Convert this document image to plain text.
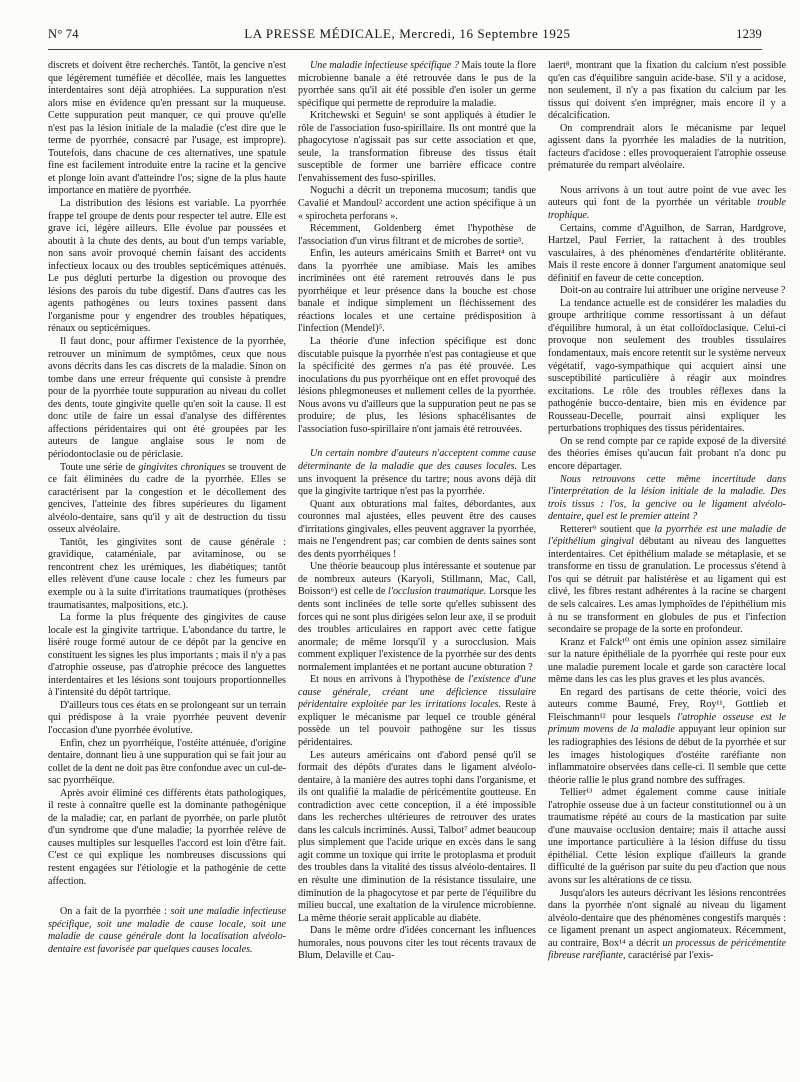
N° 74	LA PRESSE MÉDICALE, Mercredi, 16 Septembre 1925	1239

discrets et doivent être recherchés. Tantôt, la gencive n'est que légèrement tuméfiée et décollée, mais les languettes interdentaires sont déjà atrophiées. La suppuration n'est alors mise en évidence qu'en pressant sur la muqueuse. Cette suppuration peut manquer, ce qui prouve qu'elle n'est pas la lésion initiale de la maladie (c'est dire que le terme de pyorrhée, consacré par l'usage, est impropre). Toutefois, dans chacune de ces alternatives, une spatule fine est facilement introduite entre la racine et la gencive et plonge loin avant d'atteindre l'os; signe de la plus haute importance en matière de pyorrhée.

La distribution des lésions est variable. La pyorrhée frappe tel groupe de dents pour respecter tel autre. Elle est grave ici, légère ailleurs. Elle évolue par poussées et aboutit à la chute des dents, au bout d'un temps variable, non sans avoir provoqué chemin faisant des accidents infectieux locaux ou des troubles septicémiques atténués. Le pus dégluti perturbe la digestion ou provoque des lésions des parois du tube digestif. Dans d'autres cas les agents pathogènes ou leurs toxines passent dans l'organisme pour y engendrer des troubles hépatiques, rénaux ou septicémiques.

Il faut donc, pour affirmer l'existence de la pyorrhée, retrouver un minimum de symptômes, ceux que nous avons décrits dans les cas discrets de la maladie. Sinon on tombe dans une erreur fréquente qui consiste à prendre pour de la pyorrhée toute suppuration au niveau du collet des dents, toute gingivite quelle qu'en soit la cause. Il est donc utile de faire un essai d'analyse des différentes affections péridentaires qui ont été groupées par les auteurs de langue anglaise sous le nom de périodontoclasie ou de périclasie.

Toute une série de gingivites chroniques se trouvent de ce fait éliminées du cadre de la pyorrhée. Elles se caractérisent par la congestion et le décollement des gencives, l'atteinte des fibres supérieures du ligament alvéolo-dentaire, sans qu'il y ait de destruction du tissu osseux alvéolaire.

Tantôt, les gingivites sont de cause générale : gravidique, cataméniale, par avitaminose, ou se rencontrent chez les urémiques, les diabétiques; tantôt elles relèvent d'une cause locale : chez les fumeurs par exemple ou à la suite d'irritations traumatiques (prothèses traumatisantes, malpositions, etc.).

La forme la plus fréquente des gingivites de cause locale est la gingivite tartrique. L'abondance du tartre, le liséré rouge formé autour de ce dépôt par la gencive en constituent les signes les plus importants ; mais il n'y a pas d'atrophie osseuse, pas d'atrophie précoce des languettes interdentaires et les lésions sont toujours proportionnelles à l'intensité du dépôt tartrique.

D'ailleurs tous ces états en se prolongeant sur un terrain qui prédispose à la vraie pyorrhée peuvent devenir l'occasion d'une pyorrhée évolutive.

Enfin, chez un pyorrhéique, l'ostéite atténuée, d'origine dentaire, donnant lieu à une suppuration qui se fait jour au collet de la dent ne doit pas être confondue avec un cul-de-sac pyorrhéique.

Après avoir éliminé ces différents états pathologiques, il reste à connaître quelle est la dominante pathogénique de la maladie; car, en parlant de pyorrhée, on parle plutôt d'un syndrome que d'une maladie; la pyorrhée relève de causes multiples sur lesquelles l'accord est loin d'être fait. C'est ce qui explique les nombreuses discussions qui restent engagées sur l'étiologie et la pathogénie de cette affection.

On a fait de la pyorrhée : soit une maladie infectieuse spécifique, soit une maladie de cause locale, soit une maladie de cause générale dont la localisation alvéolo-dentaire est favorisée par quelques causes locales.

Une maladie infectieuse spécifique ? Mais toute la flore microbienne banale a été retrouvée dans le pus de la pyorrhée sans qu'il ait été possible d'en isoler un germe spécifique qui permette de reproduire la maladie.

Kritchewski et Seguin¹ se sont appliqués à étudier le rôle de l'association fuso-spirillaire. Ils ont montré que la phagocytose n'agissait pas sur cette association et que, seule, la transformation fibreuse des tissus était susceptible de former une barrière efficace contre l'envahissement des fuso-spirilles.

Noguchi a décrit un treponema mucosum; tandis que Cavalié et Mandoul² accordent une action spécifique à un « spirocheta perforans ».

Récemment, Goldenberg émet l'hypothèse de l'association d'un virus filtrant et de microbes de sortie³.

Enfin, les auteurs américains Smith et Barret⁴ ont vu dans la pyorrhée une amibiase. Mais les amibes incriminées ont été rarement retrouvés dans le pus pyorrhéique et leur présence dans la bouche est chose banale et indique simplement un fléchissement des réactions locales et une certaine prédisposition à l'infection (Mendel)⁵.

La théorie d'une infection spécifique est donc discutable puisque la pyorrhée n'est pas contagieuse et que la spécificité des germes n'a pas été prouvée. Les inoculations du pus pyorrhéique ont en effet provoqué des lésions phlegmoneuses et nullement celles de la pyorrhée. Nous avons vu d'ailleurs que la suppuration peut ne pas se produire; de plus, les lésions sphacélisantes de l'association fuso-spirillaire n'ont jamais été retrouvées.

Un certain nombre d'auteurs n'acceptent comme cause déterminante de la maladie que des causes locales. Les uns invoquent la présence du tartre; nous avons déjà dit que la gingivite tartrique n'est pas la pyorrhée.

Quant aux obturations mal faites, débordantes, aux couronnes mal ajustées, elles peuvent être des causes d'irritations gingivales, elles peuvent aggraver la pyorrhée, mais ne l'engendrent pas; car combien de dents saines sont des dents pyorrhéiques !

Une théorie beaucoup plus intéressante et soutenue par de nombreux auteurs (Karyoli, Stillmann, Mac, Call, Boisson⁶) est celle de l'occlusion traumatique. Lorsque les dents sont inclinées de telle sorte qu'elles subissent des forces qui ne sont plus dirigées selon leur axe, il se produit des troubles articulaires en rapport avec cette fatigue anormale; de même lorsqu'il y a surocclusion. Mais comment expliquer l'existence de la pyorrhée sur des dents normalement implantées et ne portant aucune obturation ?

Et nous en arrivons à l'hypothèse de l'existence d'une cause générale, créant une déficience tissulaire péridentaire exploitée par les irritations locales. Reste à expliquer le mécanisme par lequel ce trouble général possède un tel pouvoir pathogène sur les tissus péridentaires.

Les auteurs américains ont d'abord pensé qu'il se formait des dépôts d'urates dans le ligament alvéolo-dentaire, à la manière des autres tophi dans l'organisme, et ils ont qualifié la maladie de péricémentite goutteuse. En contradiction avec cette conception, il a été impossible dans les recherches ultérieures de retrouver des urates dans les calculs incriminés. Aussi, Talbot⁷ admet beaucoup plus simplement que l'acide urique en excès dans le sang agit comme un toxique qui irrite le protoplasma et produit des troubles dans la vitalité des tissus alvéolo-dentaires. Il en résulte une diminution de la résistance tissulaire, une diminution de la phagocytose et par perte de l'équilibre du milieu buccal, une exaltation de la virulence microbienne. La même théorie serait applicable au diabète.

Dans le même ordre d'idées concernant les influences humorales, nous pouvons citer les tout récents travaux de Blum, Delaville et Cau-

laert⁸, montrant que la fixation du calcium n'est possible qu'en cas d'équilibre sanguin acide-base. S'il y a acidose, non seulement, il n'y a pas fixation du calcium par les tissus qui doivent s'en imprégner, mais encore il y a décalcification.

On comprendrait alors le mécanisme par lequel agissent dans la pyorrhée les maladies de la nutrition, facteurs d'acidose : elles provoqueraient l'atrophie osseuse prématurée du rempart alvéolaire.

Nous arrivons à un tout autre point de vue avec les auteurs qui font de la pyorrhée un véritable trouble trophique.

Certains, comme d'Aguilhon, de Sarran, Hardgrove, Hartzel, Paul Ferrier, la rattachent à des troubles vasculaires, à des phénomènes d'endartérite oblitérante. Mais il reste encore à donner l'argument anatomique seul définitif en faveur de cette conception.

Doit-on au contraire lui attribuer une origine nerveuse ?

La tendance actuelle est de considérer les maladies du groupe arthritique comme ressortissant à un défaut d'équilibre humoral, à un état colloïdoclasique. Celui-ci provoque non seulement des troubles tissulaires fondamentaux, mais encore retentit sur le système nerveux végétatif, vago-sympathique qui acquiert ainsi une susceptibilité particulière à réagir aux moindres excitations. Le rôle des troubles réflexes dans la pathogénie bucco-dentaire, bien mis en évidence par Rousseau-Decelle, pourrait ainsi expliquer les perturbations trophiques des tissus péridentaires.

On se rend compte par ce rapide exposé de la diversité des théories émises qu'aucun fait probant n'a donc pu encore départager.

Nous retrouvons cette même incertitude dans l'interprétation de la lésion initiale de la maladie. Des trois tissus : l'os, la gencive ou le ligament alvéolo-dentaire, quel est le premier atteint ?

Retterer⁹ soutient que la pyorrhée est une maladie de l'épithélium gingival débutant au niveau des languettes interdentaires. Cet épithélium malade se métaplasie, et se transforme en tissu de granulation. Le processus s'étend à l'os qui se détruit par halistérèse et au ligament qui est clivé, les fibres restant adhérentes à la racine se chargent de sels calcaires. Les amas lymphoïdes de l'épithélium mis à nu se transforment en globules de pus et l'infection secondaire se propage de la sorte en profondeur.

Kranz et Falck¹⁰ ont émis une opinion assez similaire sur la nature épithéliale de la pyorrhée qui reste pour eux une maladie purement locale et garde son caractère local même dans les cas les plus graves et les plus avancés.

En regard des partisans de cette théorie, voici des auteurs comme Baumé, Frey, Roy¹¹, Gottlieb et Fleischmann¹² pour lesquels l'atrophie osseuse est le primum movens de la maladie appuyant leur opinion sur les radiographies des lésions de début de la pyorrhée et sur les images histologiques d'ostéite raréfiante non inflammatoire observées dans celle-ci. Il semble que cette théorie rallie le plus grand nombre des suffrages.

Tellier¹³ admet également comme cause initiale l'atrophie osseuse due à un facteur constitutionnel ou à un traumatisme répété au cours de la mastication par suite d'une mauvaise occlusion dentaire; mais il attache aussi une importance particulière à la lésion diffuse du tissu épithélial. Cette lésion explique d'ailleurs la grande difficulté de la guérison par suite du peu d'action que nous avons sur les altérations de ce tissu.

Jusqu'alors les auteurs décrivant les lésions rencontrées dans la pyorrhée n'ont signalé au niveau du ligament alvéolo-dentaire que des phénomènes congestifs marqués : ce ligament prenant un aspect angiomateux. Récemment, au contraire, Box¹⁴ a décrit un processus de péricémentite fibreuse raréfiante, caractérisé par l'exis-
